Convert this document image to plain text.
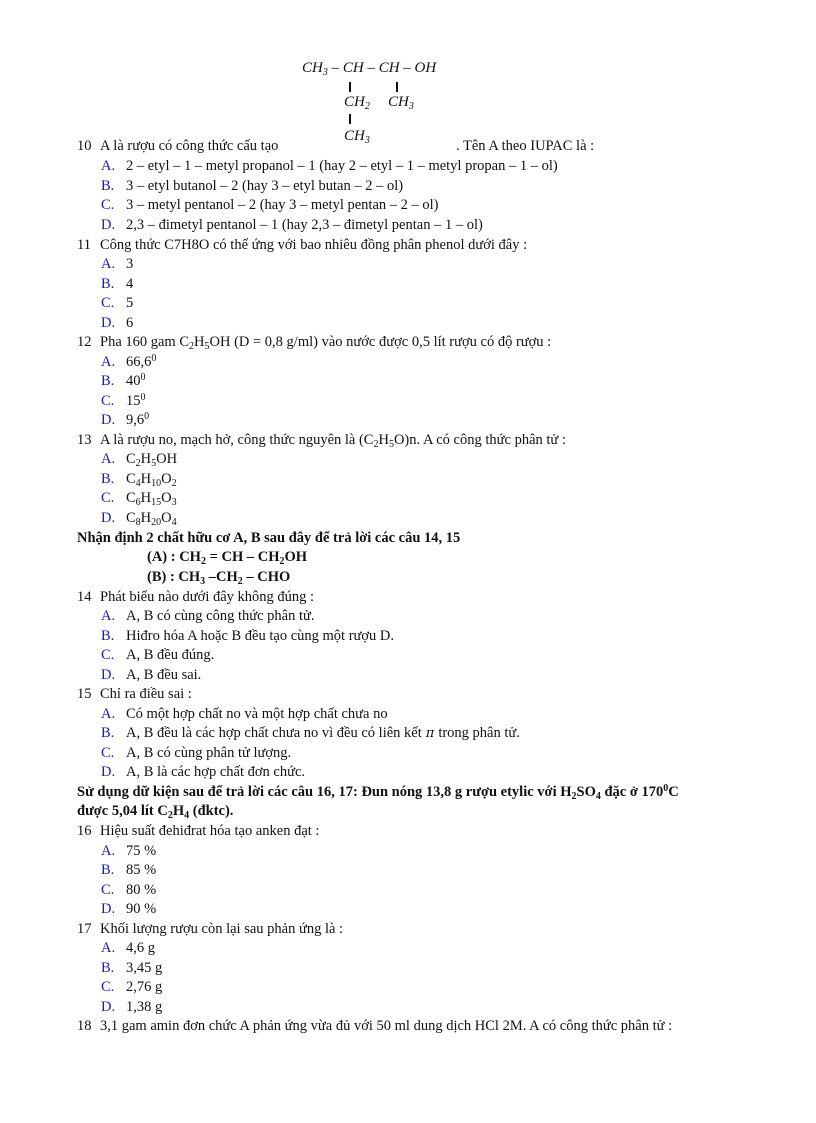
$CH_3$ – CH – CH – OH
$CH_2$ $CH_3$
$CH_3$
10 A là rượu có công thức cấu tạo	. Tên A theo IUPAC là :
A. 2 – etyl – 1 – metyl propanol – 1 (hay 2 – etyl – 1 – metyl propan – 1 – ol)
B. 3 – etyl butanol – 2 (hay 3 – etyl butan – 2 – ol)
C. 3 – metyl pentanol – 2 (hay 3 – metyl pentan – 2 – ol)
D. 2,3 – đimetyl pentanol – 1 (hay 2,3 – đimetyl pentan – 1 – ol)
11 Công thức C7H8O có thể ứng với bao nhiêu đồng phân phenol dưới đây :
A. 3
B. 4
C. 5
D. 6
12 Pha 160 gam $C_2H_5OH$ (D = 0,8 g/ml) vào nước được 0,5 lít rượu có độ rượu :
A. 66,6$^0$
B. $40^0$
C. $15^0$
D. $9,6^0$
13 A là rượu no, mạch hở, công thức nguyên là $(C_2H_5O)n$. A có công thức phân tử :
A. $C_2H_5OH$
B. $C_4H_{10}O_2$
C. $C_6H_{15}O_3$
D. $C_8H_{20}O_4$
Nhận định 2 chất hữu cơ A, B sau đây để trả lời các câu 14, 15
(A) : $CH_2$ = CH – $CH_2OH$
(B) : $CH_3$ $-CH_2$ – CHO
14 Phát biểu nào dưới đây không đúng :
A. A, B có cùng công thức phân tử.
B. Hiđro hóa A hoặc B đều tạo cùng một rượu D.
C. A, B đều đúng.
D. A, B đều sai.
15 Chỉ ra điều sai :
A. Có một hợp chất no và một hợp chất chưa no
B. A, B đều là các hợp chất chưa no vì đều có liên kết π trong phân tử.
C. A, B có cùng phân tử lượng.
D. A, B là các hợp chất đơn chức.
Sử dụng dữ kiện sau để trả lời các câu 16, 17: Đun nóng 13,8 g rượu etylic với $H_2SO_4$ đặc ở $170^0C$
được 5,04 lít $C_2H_4$ (đktc).
16 Hiệu suất đehiđrat hóa tạo anken đạt :
A. 75 %
B. 85 %
C. 80 %
D. 90 %
17 Khối lượng rượu còn lại sau phản ứng là :
A. 4,6 g
B. 3,45 g
C. 2,76 g
D. 1,38 g
18 3,1 gam amin đơn chức A phản ứng vừa đủ với 50 ml dung dịch HCl 2M. A có công thức phân tử :
